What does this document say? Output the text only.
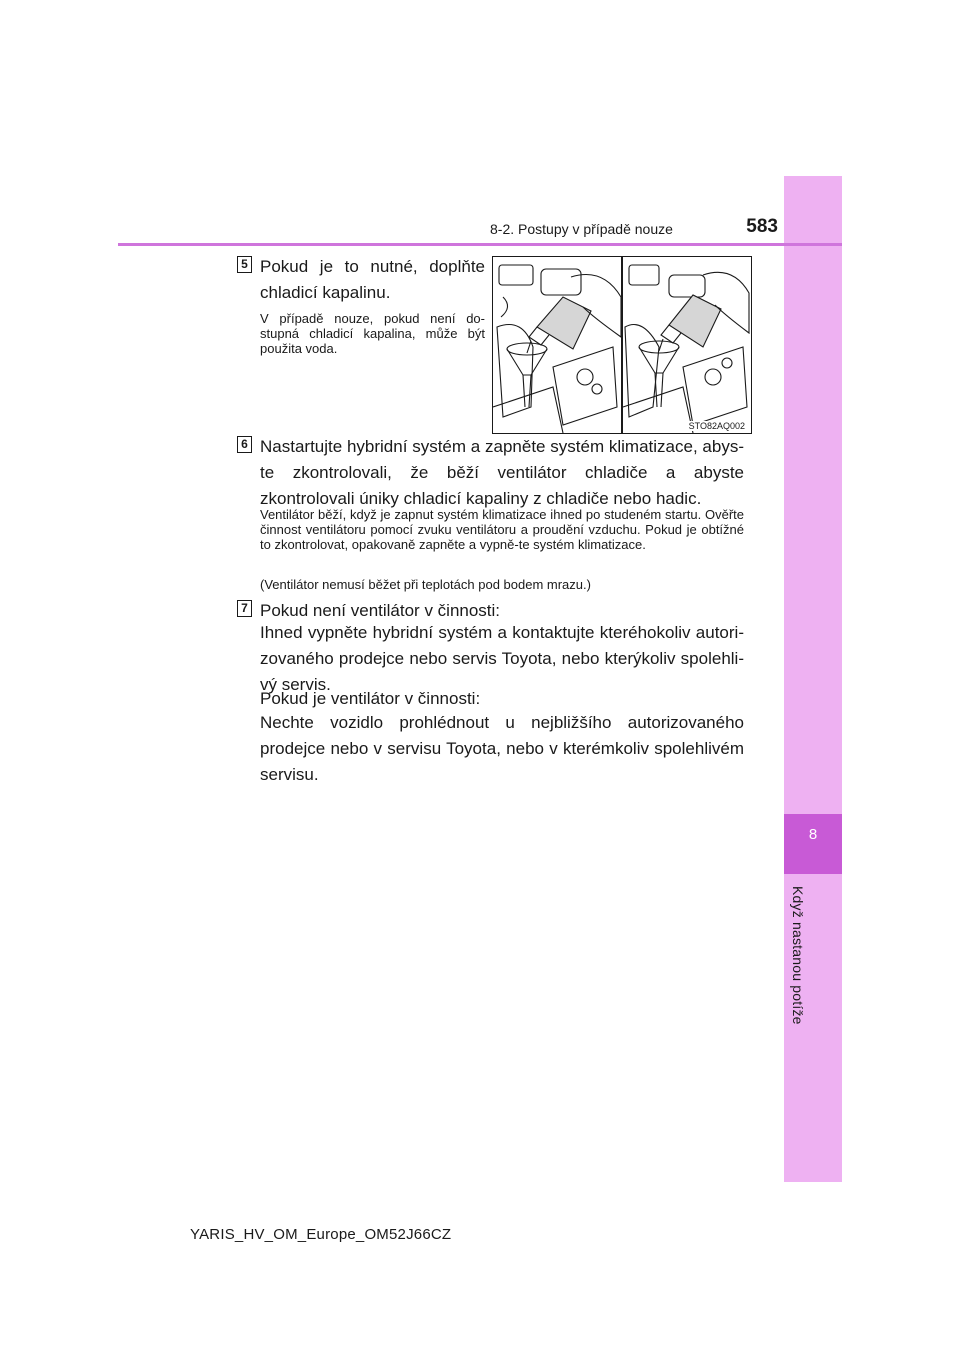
8
Když nastanou potíže
8-2. Postupy v případě nouze	583
5 Pokud je to nutné, doplňte chladicí kapalinu.
V případě nouze, pokud není do-stupná chladicí kapalina, může být použita voda.
STO82AQ002
6 Nastartujte hybridní systém a zapněte systém klimatizace, abys-te zkontrolovali, že běží ventilátor chladiče a abyste zkontrolovali úniky chladicí kapaliny z chladiče nebo hadic.
Ventilátor běží, když je zapnut systém klimatizace ihned po studeném startu. Ověřte činnost ventilátoru pomocí zvuku ventilátoru a proudění vzduchu. Pokud je obtížné to zkontrolovat, opakovaně zapněte a vypně-te systém klimatizace.
(Ventilátor nemusí běžet při teplotách pod bodem mrazu.)
7 Pokud není ventilátor v činnosti:
Ihned vypněte hybridní systém a kontaktujte kteréhokoliv autori-zovaného prodejce nebo servis Toyota, nebo kterýkoliv spolehli-vý servis.
Pokud je ventilátor v činnosti:
Nechte vozidlo prohlédnout u nejbližšího autorizovaného prodejce nebo v servisu Toyota, nebo v kterémkoliv spolehlivém servisu.
YARIS_HV_OM_Europe_OM52J66CZ
